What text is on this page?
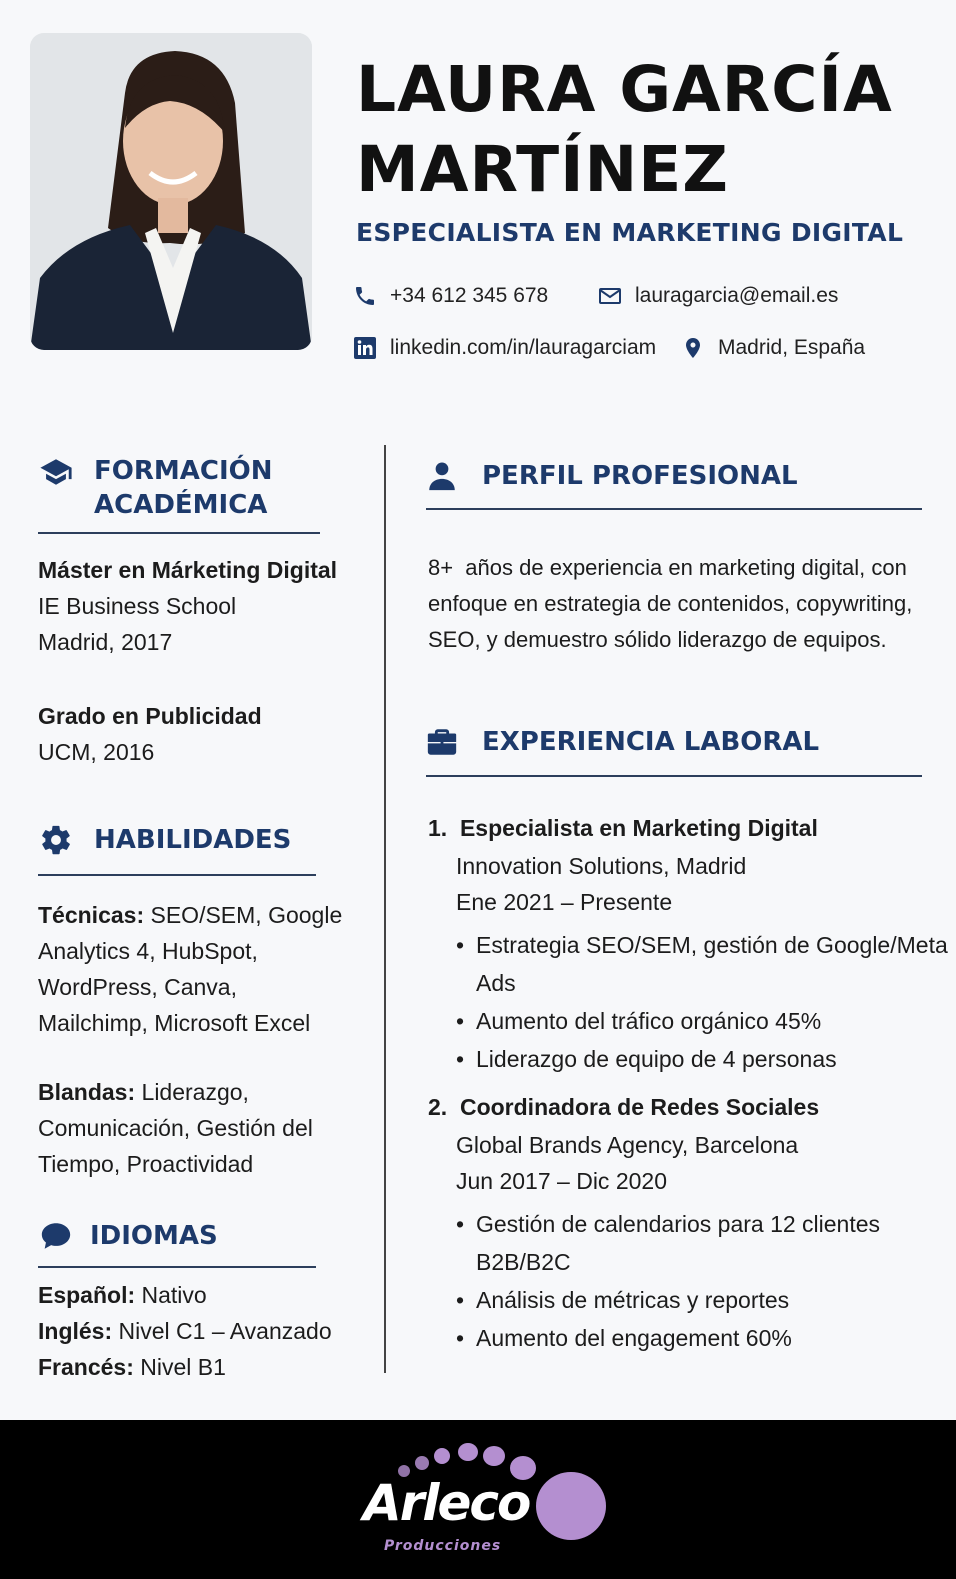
LAURA GARCÍA MARTÍNEZ
ESPECIALISTA EN MARKETING DIGITAL
+34 612 345 678	lauragarcia@email.es
linkedin.com/in/lauragarciam	Madrid, España
FORMACIÓN
ACADÉMICA
Máster en Márketing Digital
IE Business School
Madrid, 2017
Grado en Publicidad
UCM, 2016
HABILIDADES
Técnicas: SEO/SEM, Google
Analytics 4, HubSpot,
WordPress, Canva,
Mailchimp, Microsoft Excel
Blandas: Liderazgo,
Comunicación, Gestión del
Tiempo, Proactividad
IDIOMAS
Español: Nativo
Inglés: Nivel C1 – Avanzado
Francés: Nivel B1
PERFIL PROFESIONAL
8+  años de experiencia en marketing digital, con
enfoque en estrategia de contenidos, copywriting,
SEO, y demuestro sólido liderazgo de equipos.
EXPERIENCIA LABORAL
1. Especialista en Marketing Digital
Innovation Solutions, Madrid
Ene 2021 – Presente
• Estrategia SEO/SEM, gestión de Google/Meta Ads
• Aumento del tráfico orgánico 45%
• Liderazgo de equipo de 4 personas
2. Coordinadora de Redes Sociales
Global Brands Agency, Barcelona
Jun 2017 – Dic 2020
• Gestión de calendarios para 12 clientes B2B/B2C
• Análisis de métricas y reportes
• Aumento del engagement 60%
Arleco
Producciones
